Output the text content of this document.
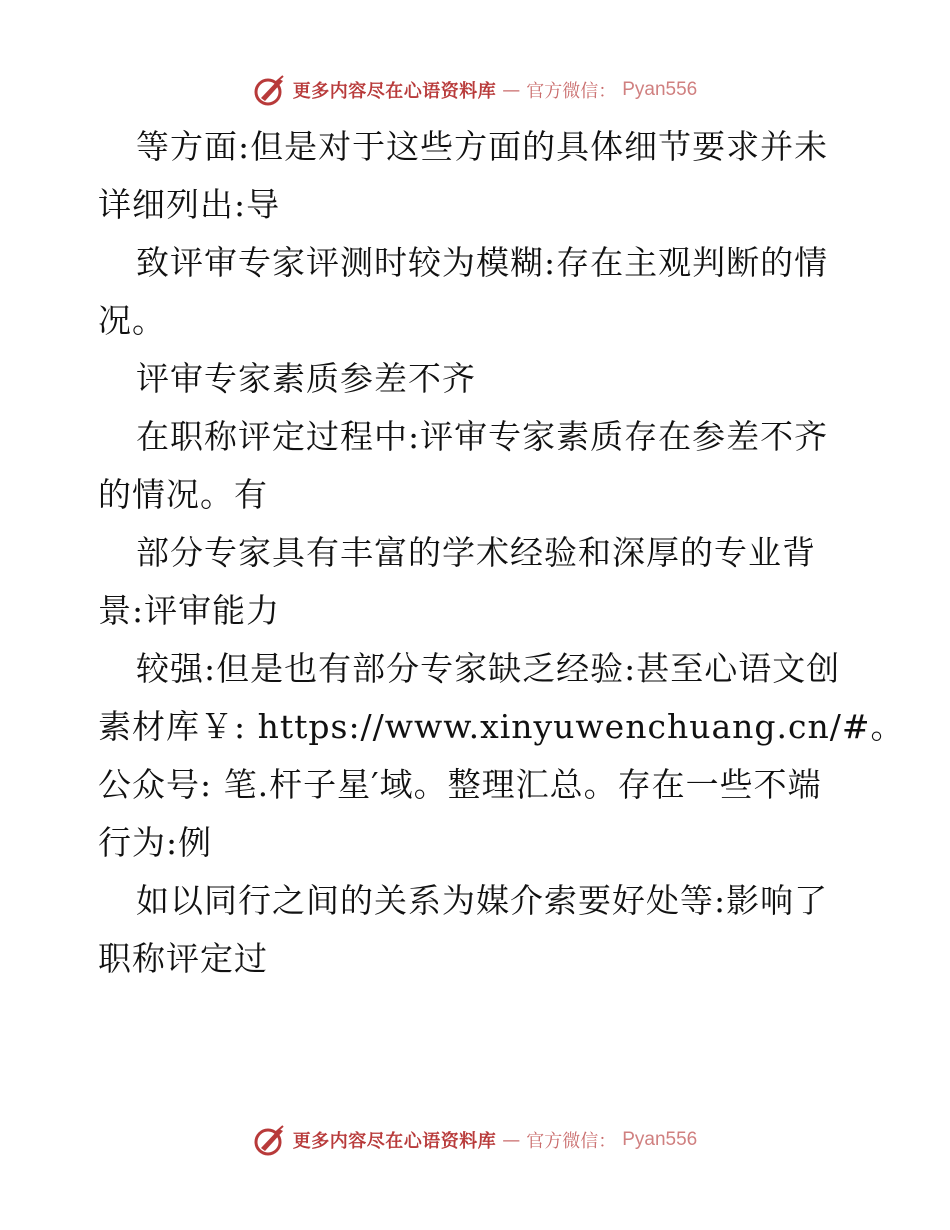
更多内容尽在心语资料库 — 官方微信： Pyan556
等方面:但是对于这些方面的具体细节要求并未
详细列出:导
致评审专家评测时较为模糊:存在主观判断的情
况。
评审专家素质参差不齐
在职称评定过程中:评审专家素质存在参差不齐
的情况。有
部分专家具有丰富的学术经验和深厚的专业背
景:评审能力
较强:但是也有部分专家缺乏经验:甚至心语文创
素材库￥: https://www.xinyuwenchuang.cn/#。
公众号: 笔.杆子星′域。整理汇总。存在一些不端
行为:例
如以同行之间的关系为媒介索要好处等:影响了
职称评定过
更多内容尽在心语资料库 — 官方微信： Pyan556
